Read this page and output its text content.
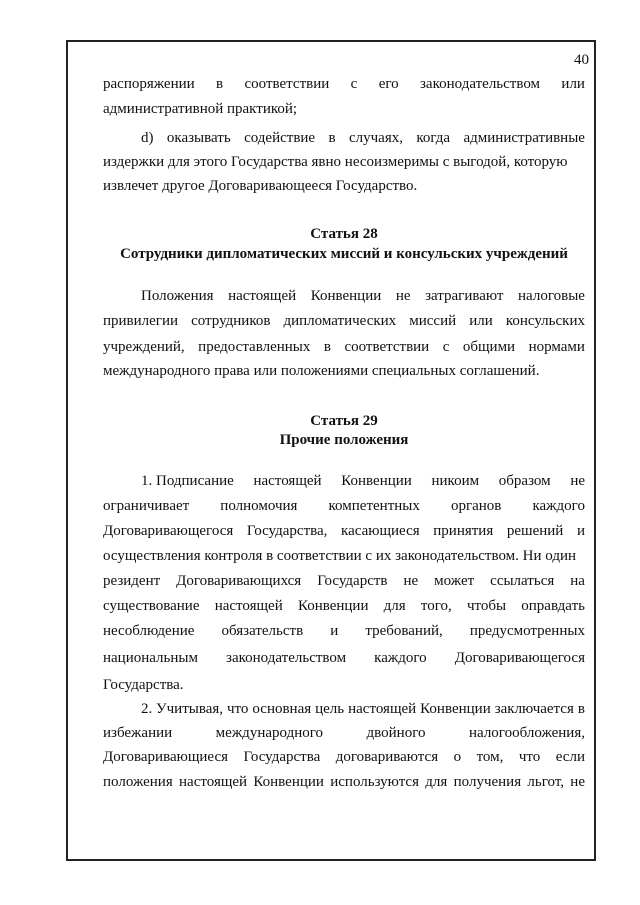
40
распоряжении в соответствии с его законодательством или
административной практикой;
d) оказывать содействие в случаях, когда административные
издержки для этого Государства явно несоизмеримы с выгодой, которую
извлечет другое Договаривающееся Государство.
Статья 28
Сотрудники дипломатических миссий и консульских учреждений
Положения настоящей Конвенции не затрагивают налоговые
привилегии сотрудников дипломатических миссий или консульских
учреждений, предоставленных в соответствии с общими нормами
международного права или положениями специальных соглашений.
Статья 29
Прочие положения
1. Подписание настоящей Конвенции никоим образом не
ограничивает полномочия компетентных органов каждого
Договаривающегося Государства, касающиеся принятия решений и
осуществления контроля в соответствии с их законодательством. Ни один
резидент Договаривающихся Государств не может ссылаться на
существование настоящей Конвенции для того, чтобы оправдать
несоблюдение обязательств и требований, предусмотренных
национальным законодательством каждого Договаривающегося
Государства.
2. Учитывая, что основная цель настоящей Конвенции заключается в
избежании	международного	двойного	налогообложения,
Договаривающиеся Государства договариваются о том, что если
положения настоящей Конвенции используются для получения льгот, не
